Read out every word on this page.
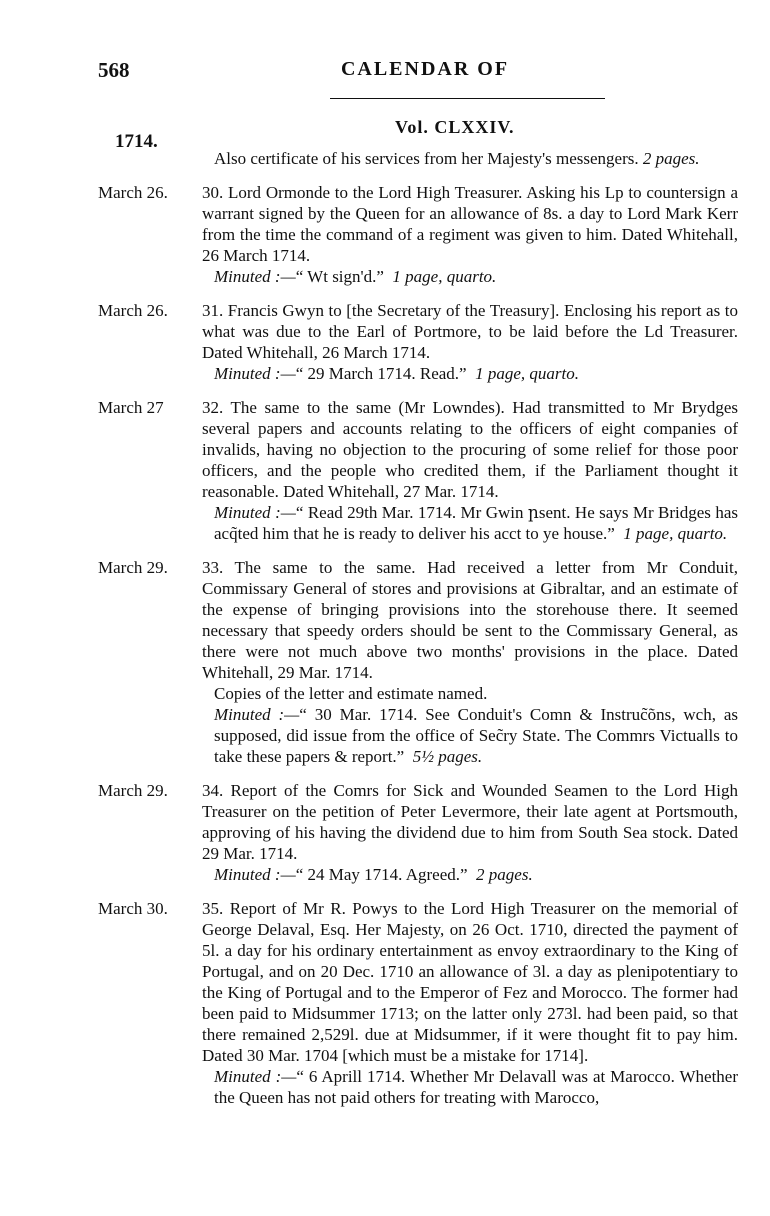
568	CALENDAR OF
1714.
Vol. CLXXIV.

Also certificate of his services from her Majesty's messengers. 2 pages.

March 26.	30. Lord Ormonde to the Lord High Treasurer. Asking his Lp to countersign a warrant signed by the Queen for an allowance of 8s. a day to Lord Mark Kerr from the time the command of a regiment was given to him. Dated Whitehall, 26 March 1714.

Minuted :—“ Wt sign'd.” 1 page, quarto.

March 26.	31. Francis Gwyn to [the Secretary of the Treasury]. Enclosing his report as to what was due to the Earl of Portmore, to be laid before the Ld Treasurer. Dated Whitehall, 26 March 1714.

Minuted :—“ 29 March 1714. Read.” 1 page, quarto.

March 27	32. The same to the same (Mr Lowndes). Had transmitted to Mr Brydges several papers and accounts relating to the officers of eight companies of invalids, having no objection to the procuring of some relief for those poor officers, and the people who credited them, if the Parliament thought it reasonable. Dated Whitehall, 27 Mar. 1714.

Minuted :—“ Read 29th Mar. 1714. Mr Gwin րsent. He says Mr Bridges has acq̃ted him that he is ready to deliver his acct to ye house.” 1 page, quarto.

March 29.	33. The same to the same. Had received a letter from Mr Conduit, Commissary General of stores and provisions at Gibraltar, and an estimate of the expense of bringing provisions into the storehouse there. It seemed necessary that speedy orders should be sent to the Commissary General, as there were not much above two months' provisions in the place. Dated Whitehall, 29 Mar. 1714.

Copies of the letter and estimate named.

Minuted :—“ 30 Mar. 1714. See Conduit's Comn & Instruc̃õns, wch, as supposed, did issue from the office of Sec̃ry State. The Commrs Victualls to take these papers & report.” 5½ pages.

March 29.	34. Report of the Comrs for Sick and Wounded Seamen to the Lord High Treasurer on the petition of Peter Levermore, their late agent at Portsmouth, approving of his having the dividend due to him from South Sea stock. Dated 29 Mar. 1714.

Minuted :—“ 24 May 1714. Agreed.” 2 pages.

March 30.	35. Report of Mr R. Powys to the Lord High Treasurer on the memorial of George Delaval, Esq. Her Majesty, on 26 Oct. 1710, directed the payment of 5l. a day for his ordinary entertainment as envoy extraordinary to the King of Portugal, and on 20 Dec. 1710 an allowance of 3l. a day as plenipotentiary to the King of Portugal and to the Emperor of Fez and Morocco. The former had been paid to Midsummer 1713; on the latter only 273l. had been paid, so that there remained 2,529l. due at Midsummer, if it were thought fit to pay him. Dated 30 Mar. 1704 [which must be a mistake for 1714].

Minuted :—“ 6 Aprill 1714. Whether Mr Delavall was at Marocco. Whether the Queen has not paid others for treating with Marocco,
